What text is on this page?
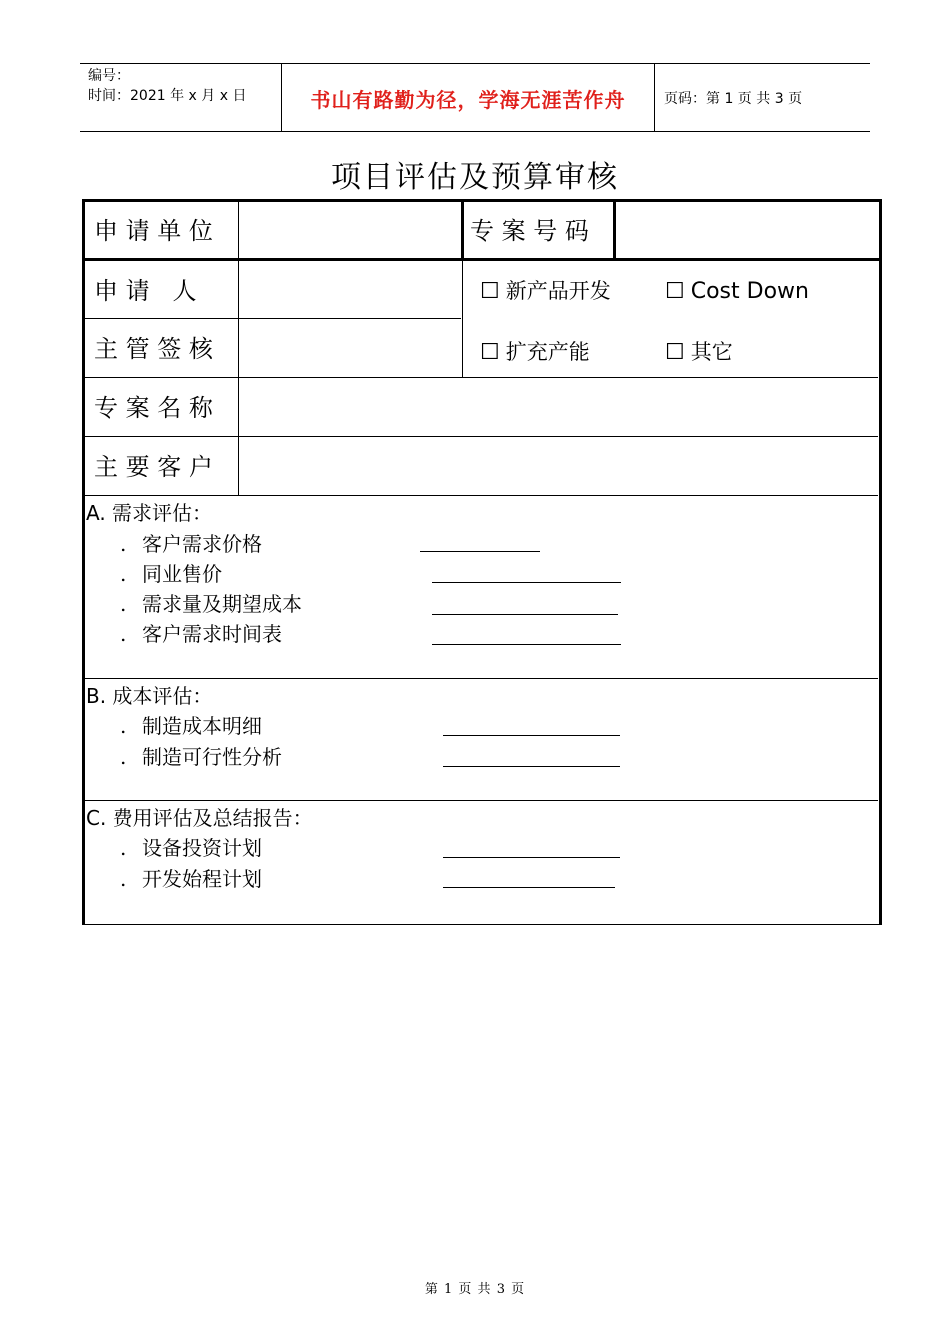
编号：
时间：2021 年 x 月 x 日	书山有路勤为径，学海无涯苦作舟	页码：第 1 页 共 3 页
项目评估及预算审核
申 请 单 位	专 案 号 码
申 请   人
主 管 签 核
☐ 新产品开发 ☐ Cost Down
☐ 扩充产能	☐ 其它
专 案 名 称
主 要 客 户
A. 需求评估：
. 客户需求价格
. 同业售价
. 需求量及期望成本
. 客户需求时间表
B. 成本评估：
. 制造成本明细
. 制造可行性分析
C. 费用评估及总结报告：
. 设备投资计划
. 开发始程计划
第 1 页 共 3 页
